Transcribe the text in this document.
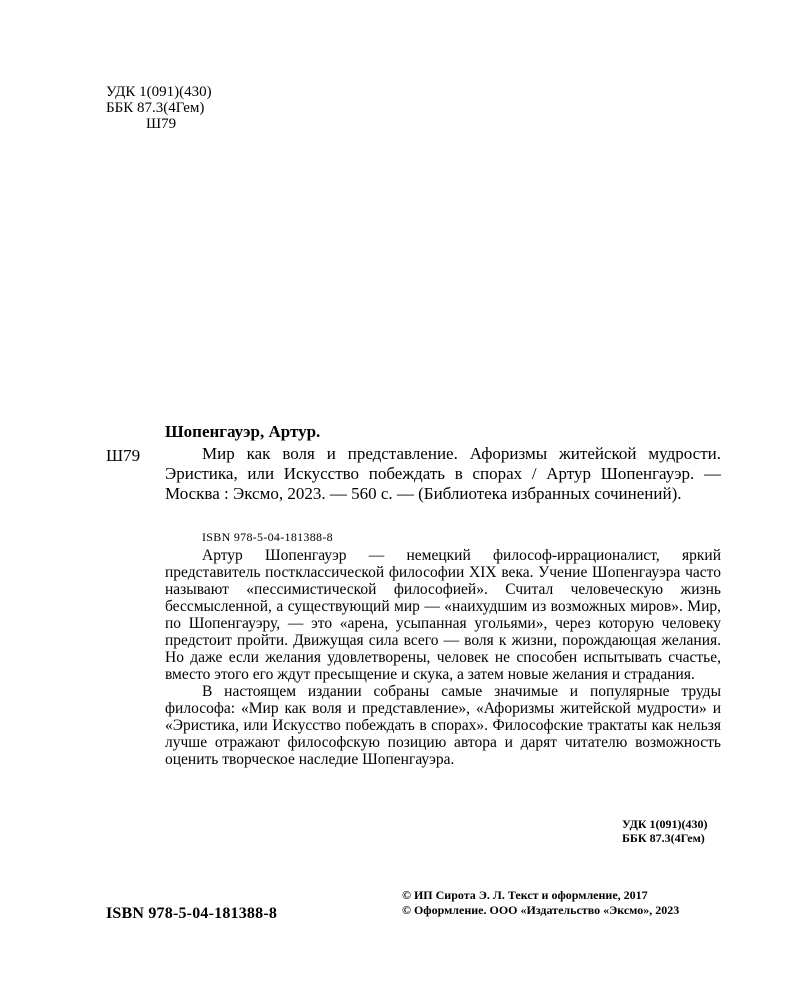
УДК 1(091)(430)
ББК 87.3(4Гем)
Ш79
Ш79
Шопенгауэр, Артур.
Мир как воля и представление. Афоризмы житейской мудрости. Эристика, или Искусство побеждать в спорах / Артур Шопенгауэр. — Москва : Эксмо, 2023. — 560 с. — (Библиотека избранных сочинений).
ISBN 978-5-04-181388-8

Артур Шопенгауэр — немецкий философ-иррационалист, яркий представитель постклассической философии XIX века. Учение Шопенгауэра часто называют «пессимистической философией». Считал человеческую жизнь бессмысленной, а существующий мир — «наихудшим из возможных миров». Мир, по Шопенгауэру, — это «арена, усыпанная угольями», через которую человеку предстоит пройти. Движущая сила всего — воля к жизни, порождающая желания. Но даже если желания удовлетворены, человек не способен испытывать счастье, вместо этого его ждут пресыщение и скука, а затем новые желания и страдания.

В настоящем издании собраны самые значимые и популярные труды философа: «Мир как воля и представление», «Афоризмы житейской мудрости» и «Эристика, или Искусство побеждать в спорах». Философские трактаты как нельзя лучше отражают философскую позицию автора и дарят читателю возможность оценить творческое наследие Шопенгауэра.

УДК 1(091)(430)
ББК 87.3(4Гем)
ISBN 978-5-04-181388-8
© ИП Сирота Э. Л. Текст и оформление, 2017
© Оформление. ООО «Издательство «Эксмо», 2023
